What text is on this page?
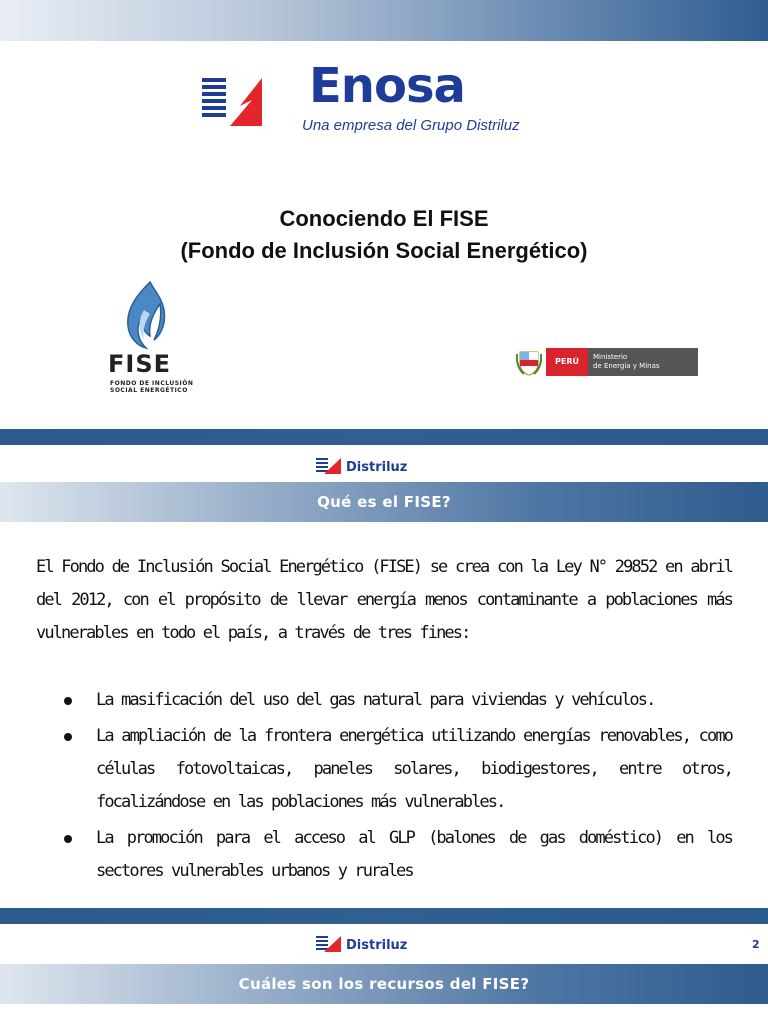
Enosa
Una empresa del Grupo Distriluz
Conociendo El FISE
(Fondo de Inclusión Social Energético)
FISE
FONDO DE INCLUSIÓN
SOCIAL ENERGÉTICO
PERÚ	Ministerio
de Energía y Minas
Distriluz
Qué es el FISE?
El Fondo de Inclusión Social Energético (FISE) se crea con la Ley N° 29852 en abril del 2012, con el propósito de llevar energía menos contaminante a poblaciones más vulnerables en todo el país, a través de tres fines:
La masificación del uso del gas natural para viviendas y vehículos.
La ampliación de la frontera energética utilizando energías renovables, como células fotovoltaicas, paneles solares, biodigestores, entre otros, focalizándose en las poblaciones más vulnerables.
La promoción para el acceso al GLP (balones de gas doméstico) en los sectores vulnerables urbanos y rurales
Distriluz	2
Cuáles son los recursos del FISE?
